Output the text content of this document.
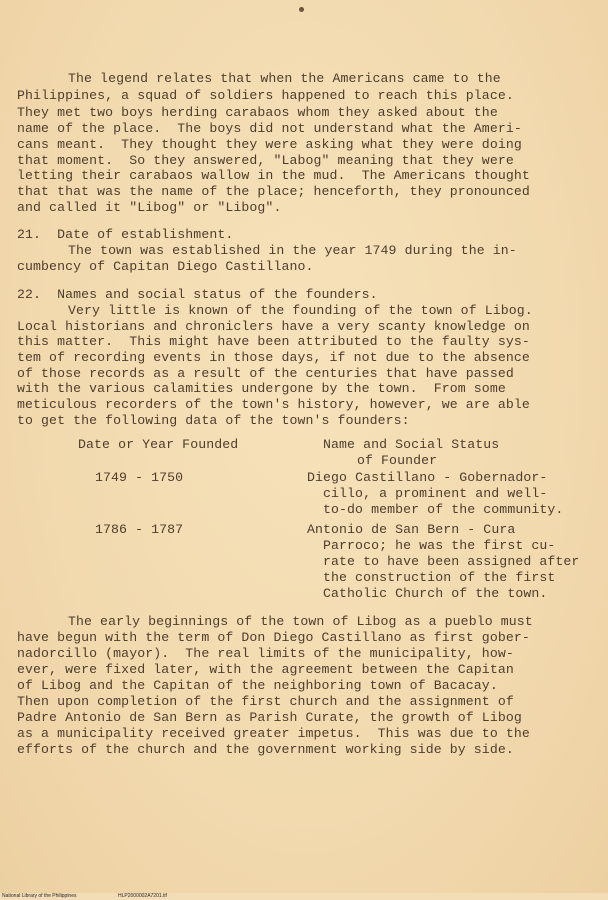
The legend relates that when the Americans came to the
Philippines, a squad of soldiers happened to reach this place.
They met two boys herding carabaos whom they asked about the
name of the place.  The boys did not understand what the Ameri-
cans meant.  They thought they were asking what they were doing
that moment.  So they answered, "Labog" meaning that they were
letting their carabaos wallow in the mud.  The Americans thought
that that was the name of the place; henceforth, they pronounced
and called it "Libog" or "Libog".
21.  Date of establishment.
The town was established in the year 1749 during the in-
cumbency of Capitan Diego Castillano.
22.  Names and social status of the founders.
Very little is known of the founding of the town of Libog.
Local historians and chroniclers have a very scanty knowledge on
this matter.  This might have been attributed to the faulty sys-
tem of recording events in those days, if not due to the absence
of those records as a result of the centuries that have passed
with the various calamities undergone by the town.  From some
meticulous recorders of the town's history, however, we are able
to get the following data of the town's founders:
Date or Year Founded	Name and Social Status
of Founder
1749 - 1750	Diego Castillano - Gobernador-
cillo, a prominent and well-
to-do member of the community.
1786 - 1787	Antonio de San Bern - Cura
Parroco; he was the first cu-
rate to have been assigned after
the construction of the first
Catholic Church of the town.
The early beginnings of the town of Libog as a pueblo must
have begun with the term of Don Diego Castillano as first gober-
nadorcillo (mayor).  The real limits of the municipality, how-
ever, were fixed later, with the agreement between the Capitan
of Libog and the Capitan of the neighboring town of Bacacay.
Then upon completion of the first church and the assignment of
Padre Antonio de San Bern as Parish Curate, the growth of Libog
as a municipality received greater impetus.  This was due to the
efforts of the church and the government working side by side.
National Library of the Philippines	HLP2000002A7201.tif
